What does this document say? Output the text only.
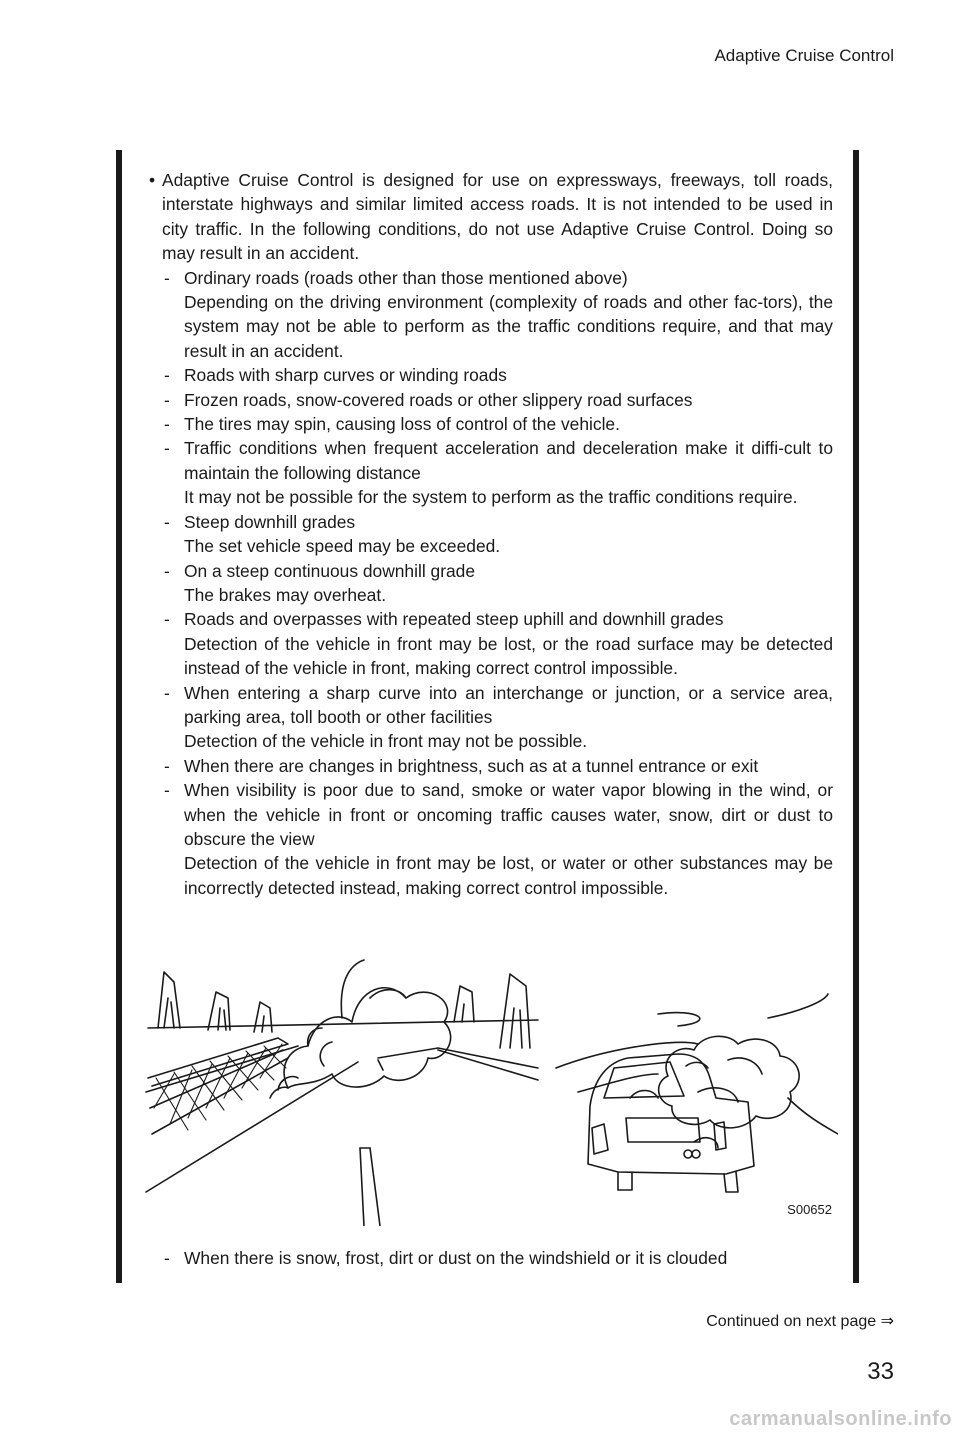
Adaptive Cruise Control
• Adaptive Cruise Control is designed for use on expressways, freeways, toll roads, interstate highways and similar limited access roads. It is not intended to be used in city traffic. In the following conditions, do not use Adaptive Cruise Control. Doing so may result in an accident.
- Ordinary roads (roads other than those mentioned above)

Depending on the driving environment (complexity of roads and other fac-tors), the system may not be able to perform as the traffic conditions require, and that may result in an accident.

- Roads with sharp curves or winding roads

- Frozen roads, snow-covered roads or other slippery road surfaces

- The tires may spin, causing loss of control of the vehicle.

- Traffic conditions when frequent acceleration and deceleration make it diffi-cult to maintain the following distance

It may not be possible for the system to perform as the traffic conditions require.

- Steep downhill grades

The set vehicle speed may be exceeded.

- On a steep continuous downhill grade

The brakes may overheat.

- Roads and overpasses with repeated steep uphill and downhill grades

Detection of the vehicle in front may be lost, or the road surface may be detected instead of the vehicle in front, making correct control impossible.

- When entering a sharp curve into an interchange or junction, or a service area, parking area, toll booth or other facilities

Detection of the vehicle in front may not be possible.

- When there are changes in brightness, such as at a tunnel entrance or exit

- When visibility is poor due to sand, smoke or water vapor blowing in the wind, or when the vehicle in front or oncoming traffic causes water, snow, dirt or dust to obscure the view

Detection of the vehicle in front may be lost, or water or other substances may be incorrectly detected instead, making correct control impossible.

S00652
- When there is snow, frost, dirt or dust on the windshield or it is clouded
Continued on next page ⇒
33
carmanualsonline.info
